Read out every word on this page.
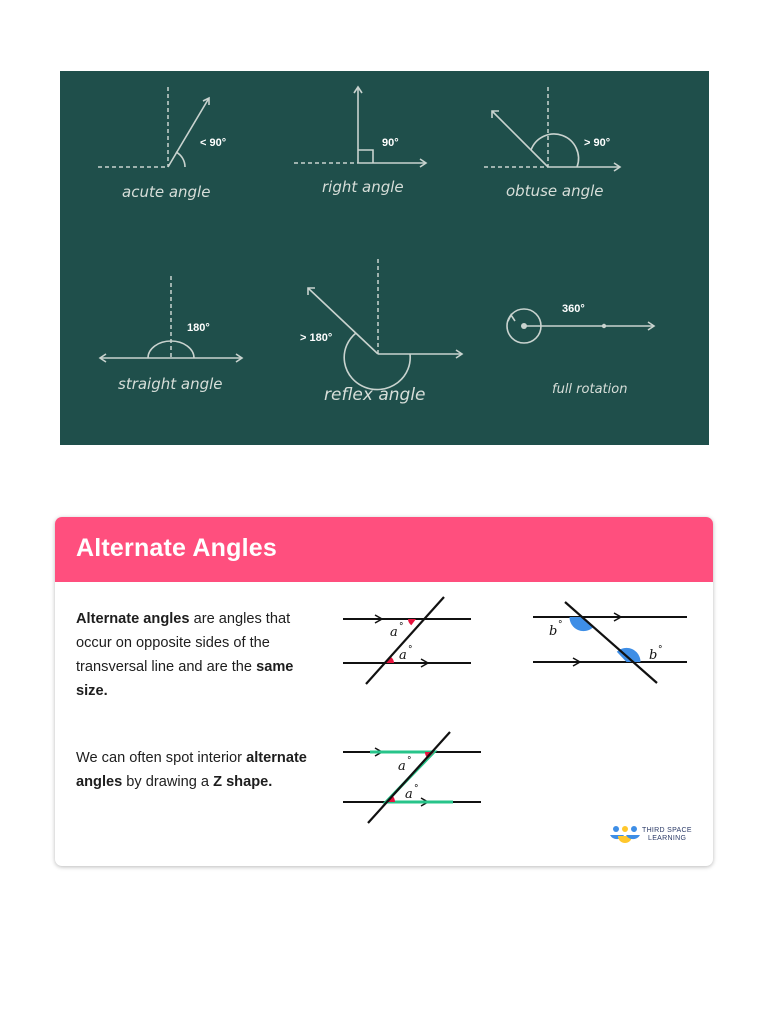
< 90°
acute angle
90°
right angle
> 90°
obtuse angle
180°
straight angle
> 180°
reflex angle
360°
full rotation
Alternate Angles
Alternate angles are angles that occur on opposite sides of the transversal line and are the same size.
We can often spot interior alternate angles by drawing a Z shape.
a °
a °
b °
b °
a °
a °
THIRD SPACE
LEARNING
